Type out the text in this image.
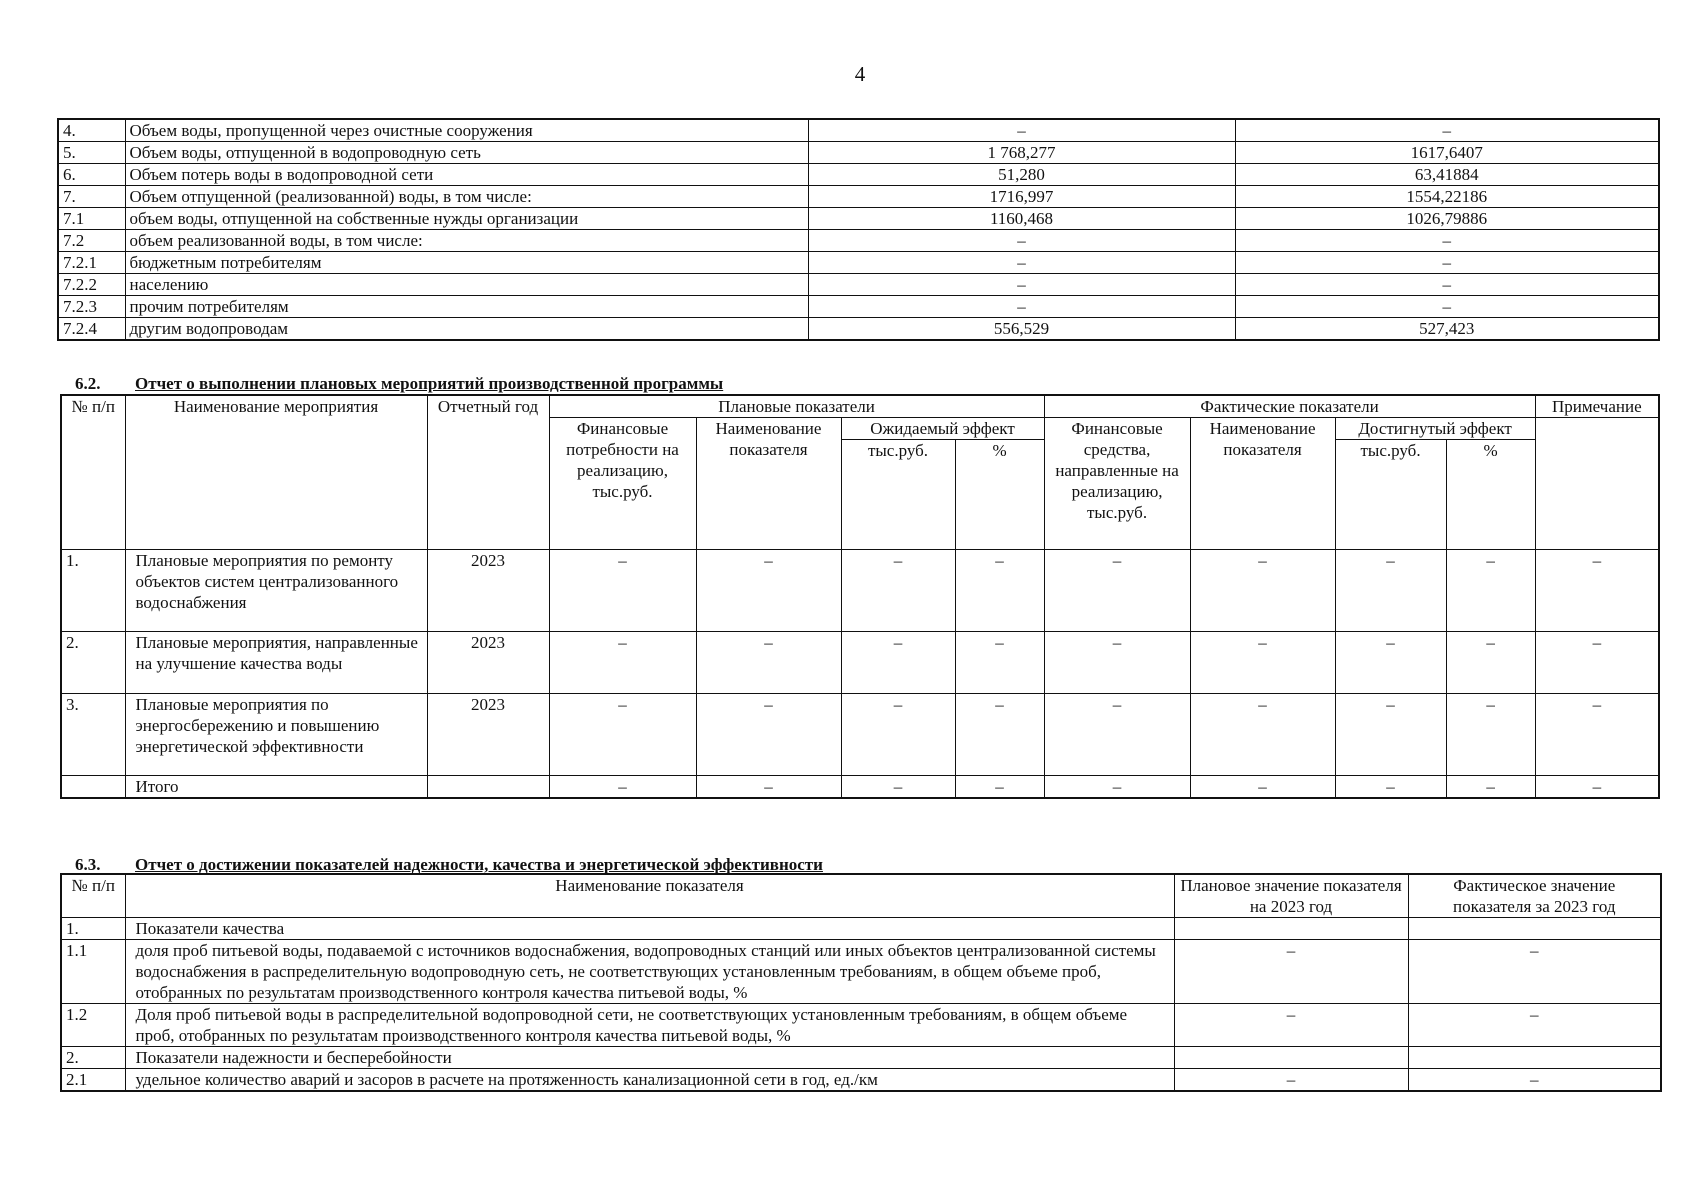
4
4.	Объем воды, пропущенной через очистные сооружения	–	–
5.	Объем воды, отпущенной в водопроводную сеть	1 768,277	1617,6407
6.	Объем потерь воды в водопроводной сети	51,280	63,41884
7.	Объем отпущенной (реализованной) воды, в том числе:	1716,997	1554,22186
7.1	объем воды, отпущенной на собственные нужды организации	1160,468	1026,79886
7.2	объем реализованной воды, в том числе:	–	–
7.2.1	бюджетным потребителям	–	–
7.2.2	населению	–	–
7.2.3	прочим потребителям	–	–
7.2.4	другим водопроводам	556,529	527,423
6.2. Отчет о выполнении плановых мероприятий производственной программы
№ п/п	Наименование мероприятия	Отчетный год	Плановые показатели				Фактические показатели				Примечание
			Финансовые потребности на реализацию, тыс.руб.	Наименование показателя	Ожидаемый эффект		Финансовые средства, направленные на реализацию, тыс.руб.	Наименование показателя	Достигнутый эффект		
					тыс.руб.	%			тыс.руб.	%	
1.	Плановые мероприятия по ремонту объектов систем централизованного водоснабжения	2023	–	–	–	–	–	–	–	–	–
2.	Плановые мероприятия, направленные на улучшение качества воды	2023	–	–	–	–	–	–	–	–	–
3.	Плановые мероприятия по энергосбережению и повышению энергетической эффективности	2023	–	–	–	–	–	–	–	–	–
	Итого		–	–	–	–	–	–	–	–	–
6.3. Отчет о достижении показателей надежности, качества и энергетической эффективности
№ п/п	Наименование показателя	Плановое значение показателя на 2023 год	Фактическое значение показателя за 2023 год
1.	Показатели качества		
1.1	доля проб питьевой воды, подаваемой с источников водоснабжения, водопроводных станций или иных объектов централизованной системы водоснабжения в распределительную водопроводную сеть, не соответствующих установленным требованиям, в общем объеме проб, отобранных по результатам производственного контроля качества питьевой воды, %	–	–
1.2	Доля проб питьевой воды в распределительной водопроводной сети, не соответствующих установленным требованиям, в общем объеме проб, отобранных по результатам производственного контроля качества питьевой воды, %	–	–
2.	Показатели надежности и бесперебойности		
2.1	удельное количество аварий и засоров в расчете на протяженность канализационной сети в год, ед./км	–	–
